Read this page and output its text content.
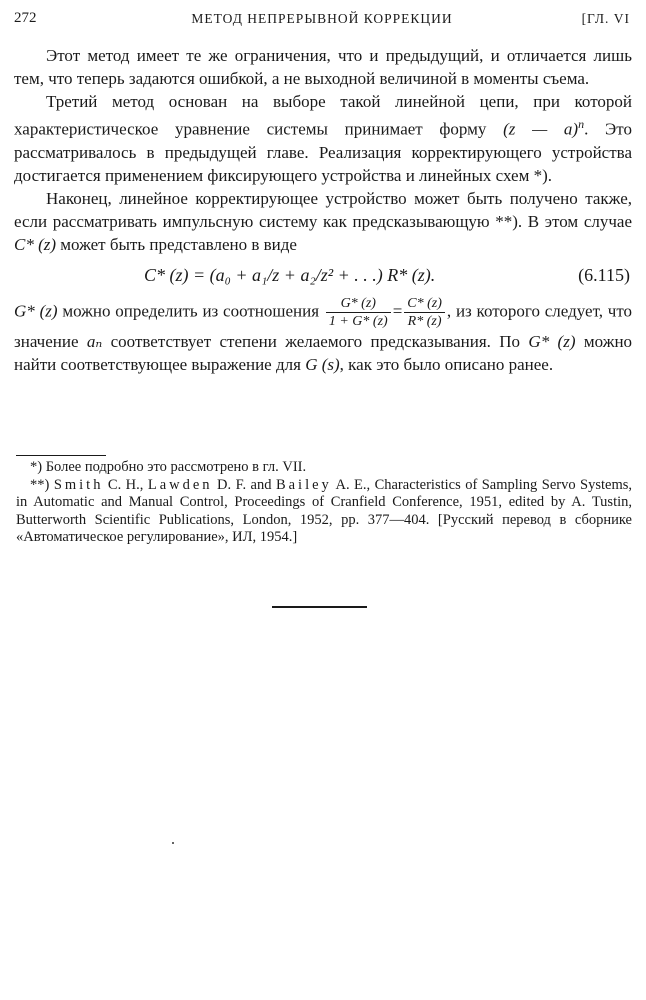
272	МЕТОД НЕПРЕРЫВНОЙ КОРРЕКЦИИ	[ГЛ. VI

Этот метод имеет те же ограничения, что и предыдущий, и отличается лишь тем, что теперь задаются ошибкой, а не выходной величиной в моменты съема.

Третий метод основан на выборе такой линейной цепи, при которой характеристическое уравнение системы принимает форму (z — a)$^n$. Это рассматривалось в предыдущей главе. Реализация корректирующего устройства достигается применением фиксирующего устройства и линейных схем *).

Наконец, линейное корректирующее устройство может быть получено также, если рассматривать импульсную систему как предсказывающую **). В этом случае C* (z) может быть представлено в виде

C* (z) = (a₀ + a₁/z + a₂/z² + . . .) R* (z).	(6.115)

G* (z) можно определить из соотношения $\frac{G* (z)}{1 + G* (z)} = \frac{C* (z)}{R* (z)}$ , из которого следует, что значение aₙ соответствует степени желаемого предсказывания. По G* (z) можно найти соответствующее выражение для G (s), как это было описано ранее.

*) Более подробно это рассмотрено в гл. VII.

**) Smith C. H., Lawden D. F. and Bailey A. E., Characteristics of Sampling Servo Systems, in Automatic and Manual Control, Proceedings of Cranfield Conference, 1951, edited by A. Tustin, Butterworth Scientific Publications, London, 1952, pp. 377—404. [Русский перевод в сборнике «Автоматическое регулирование», ИЛ, 1954.]
